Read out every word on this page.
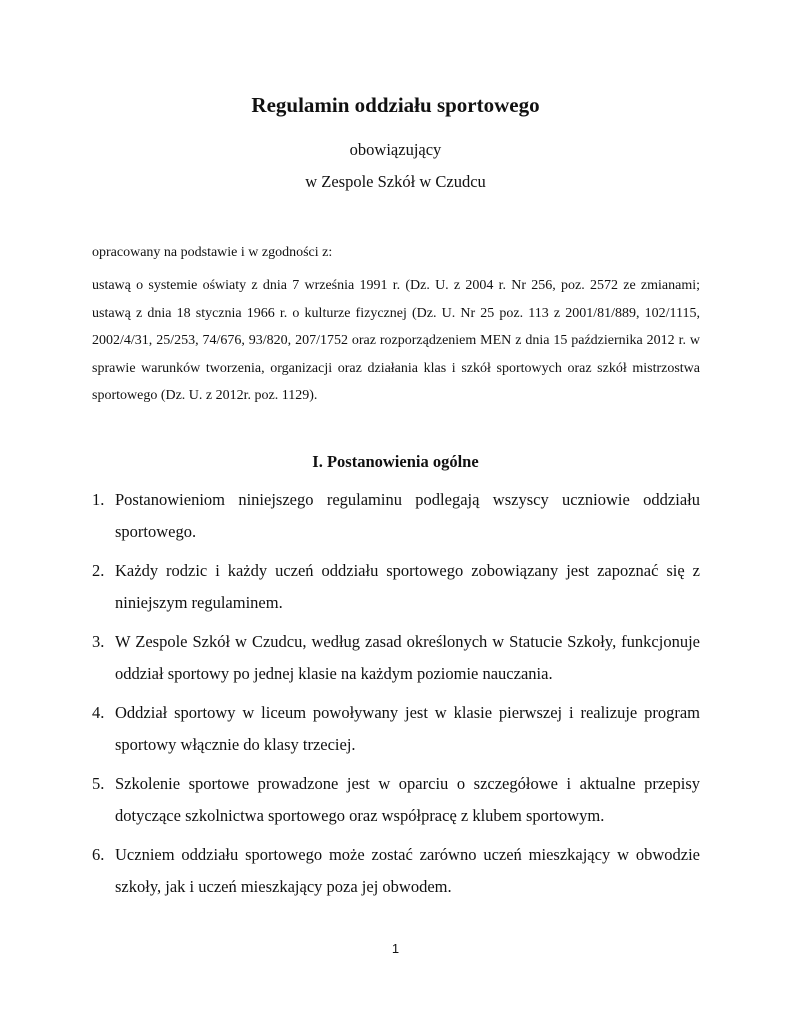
Regulamin oddziału sportowego
obowiązujący
w Zespole Szkół w Czudcu
opracowany na podstawie i w zgodności z:
ustawą o systemie oświaty z dnia 7 września 1991 r. (Dz. U. z 2004 r. Nr 256, poz. 2572 ze zmianami; ustawą z dnia 18 stycznia 1966 r. o kulturze fizycznej (Dz. U. Nr 25 poz. 113 z 2001/81/889, 102/1115, 2002/4/31, 25/253, 74/676, 93/820, 207/1752 oraz rozporządzeniem MEN z dnia 15 października 2012 r. w sprawie warunków tworzenia, organizacji oraz działania klas i szkół sportowych oraz szkół mistrzostwa sportowego (Dz. U. z 2012r. poz. 1129).
I. Postanowienia ogólne
1. Postanowieniom niniejszego regulaminu podlegają wszyscy uczniowie oddziału sportowego.
2. Każdy rodzic i każdy uczeń oddziału sportowego zobowiązany jest zapoznać się z niniejszym regulaminem.
3. W Zespole Szkół w Czudcu, według zasad określonych w Statucie Szkoły, funkcjonuje oddział sportowy po jednej klasie na każdym poziomie nauczania.
4. Oddział sportowy w liceum powoływany jest w klasie pierwszej i realizuje program sportowy włącznie do klasy trzeciej.
5. Szkolenie sportowe prowadzone jest w oparciu o szczegółowe i aktualne przepisy dotyczące szkolnictwa sportowego oraz współpracę z klubem sportowym.
6. Uczniem oddziału sportowego może zostać zarówno uczeń mieszkający w obwodzie szkoły, jak i uczeń mieszkający poza jej obwodem.
1
